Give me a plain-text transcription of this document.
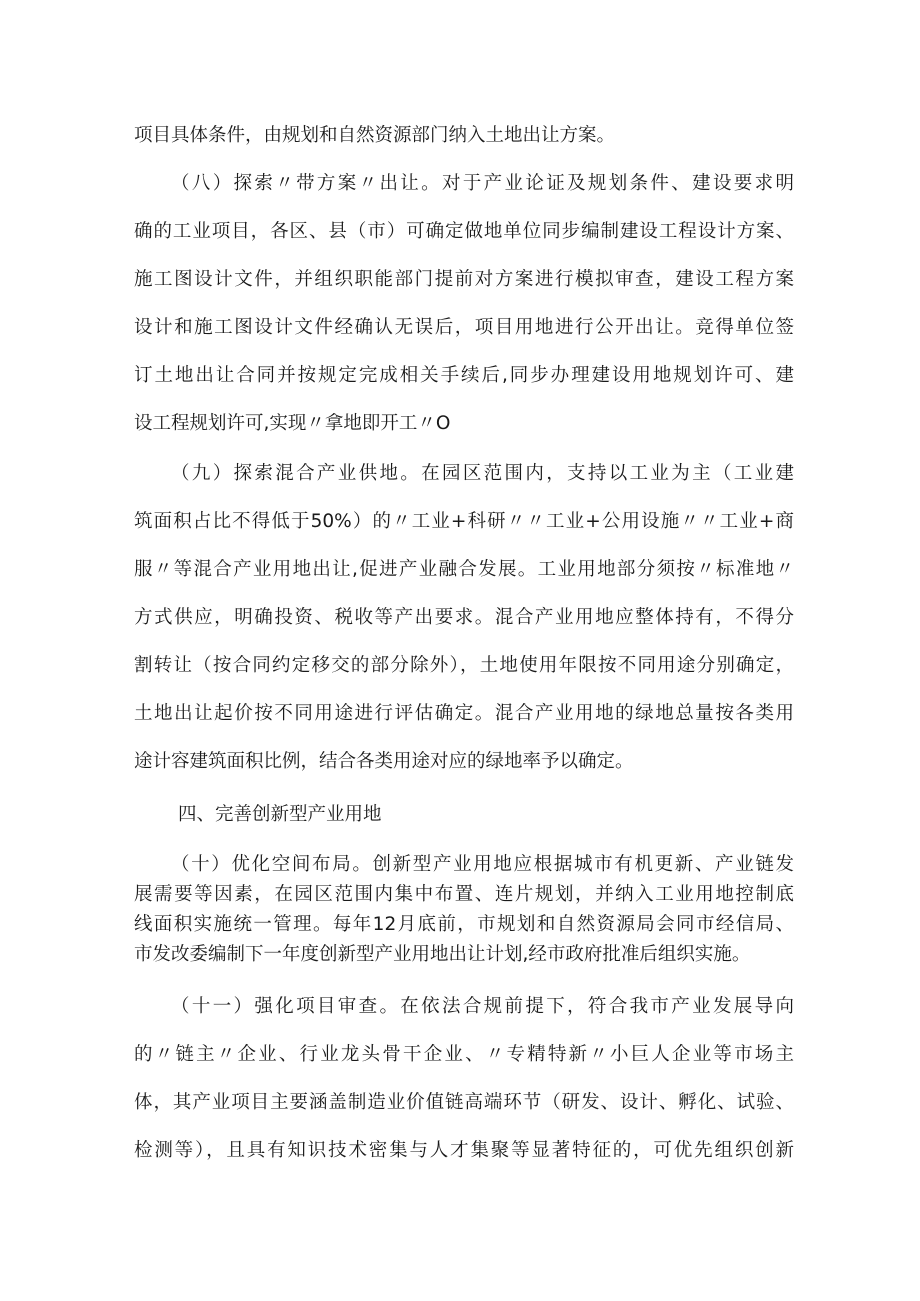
项目具体条件，由规划和自然资源部门纳入土地出让方案。

（八）探索〃带方案〃出让。对于产业论证及规划条件、建设要求明
确的工业项目，各区、县（市）可确定做地单位同步编制建设工程设计方案、
施工图设计文件，并组织职能部门提前对方案进行模拟审查，建设工程方案
设计和施工图设计文件经确认无误后，项目用地进行公开出让。竞得单位签
订土地出让合同并按规定完成相关手续后,同步办理建设用地规划许可、建
设工程规划许可,实现〃拿地即开工〃O

（九）探索混合产业供地。在园区范围内，支持以工业为主（工业建
筑面积占比不得低于50%）的〃工业+科研〃〃工业+公用设施〃〃工业+商
服〃等混合产业用地出让,促进产业融合发展。工业用地部分须按〃标准地〃
方式供应，明确投资、税收等产出要求。混合产业用地应整体持有，不得分
割转让（按合同约定移交的部分除外），土地使用年限按不同用途分别确定，
土地出让起价按不同用途进行评估确定。混合产业用地的绿地总量按各类用
途计容建筑面积比例，结合各类用途对应的绿地率予以确定。

四、完善创新型产业用地

（十）优化空间布局。创新型产业用地应根据城市有机更新、产业链发
展需要等因素，在园区范围内集中布置、连片规划，并纳入工业用地控制底
线面积实施统一管理。每年12月底前，市规划和自然资源局会同市经信局、
市发改委编制下一年度创新型产业用地出让计划,经市政府批准后组织实施。

（十一）强化项目审查。在依法合规前提下，符合我市产业发展导向
的〃链主〃企业、行业龙头骨干企业、〃专精特新〃小巨人企业等市场主
体，其产业项目主要涵盖制造业价值链高端环节（研发、设计、孵化、试验、
检测等），且具有知识技术密集与人才集聚等显著特征的，可优先组织创新
